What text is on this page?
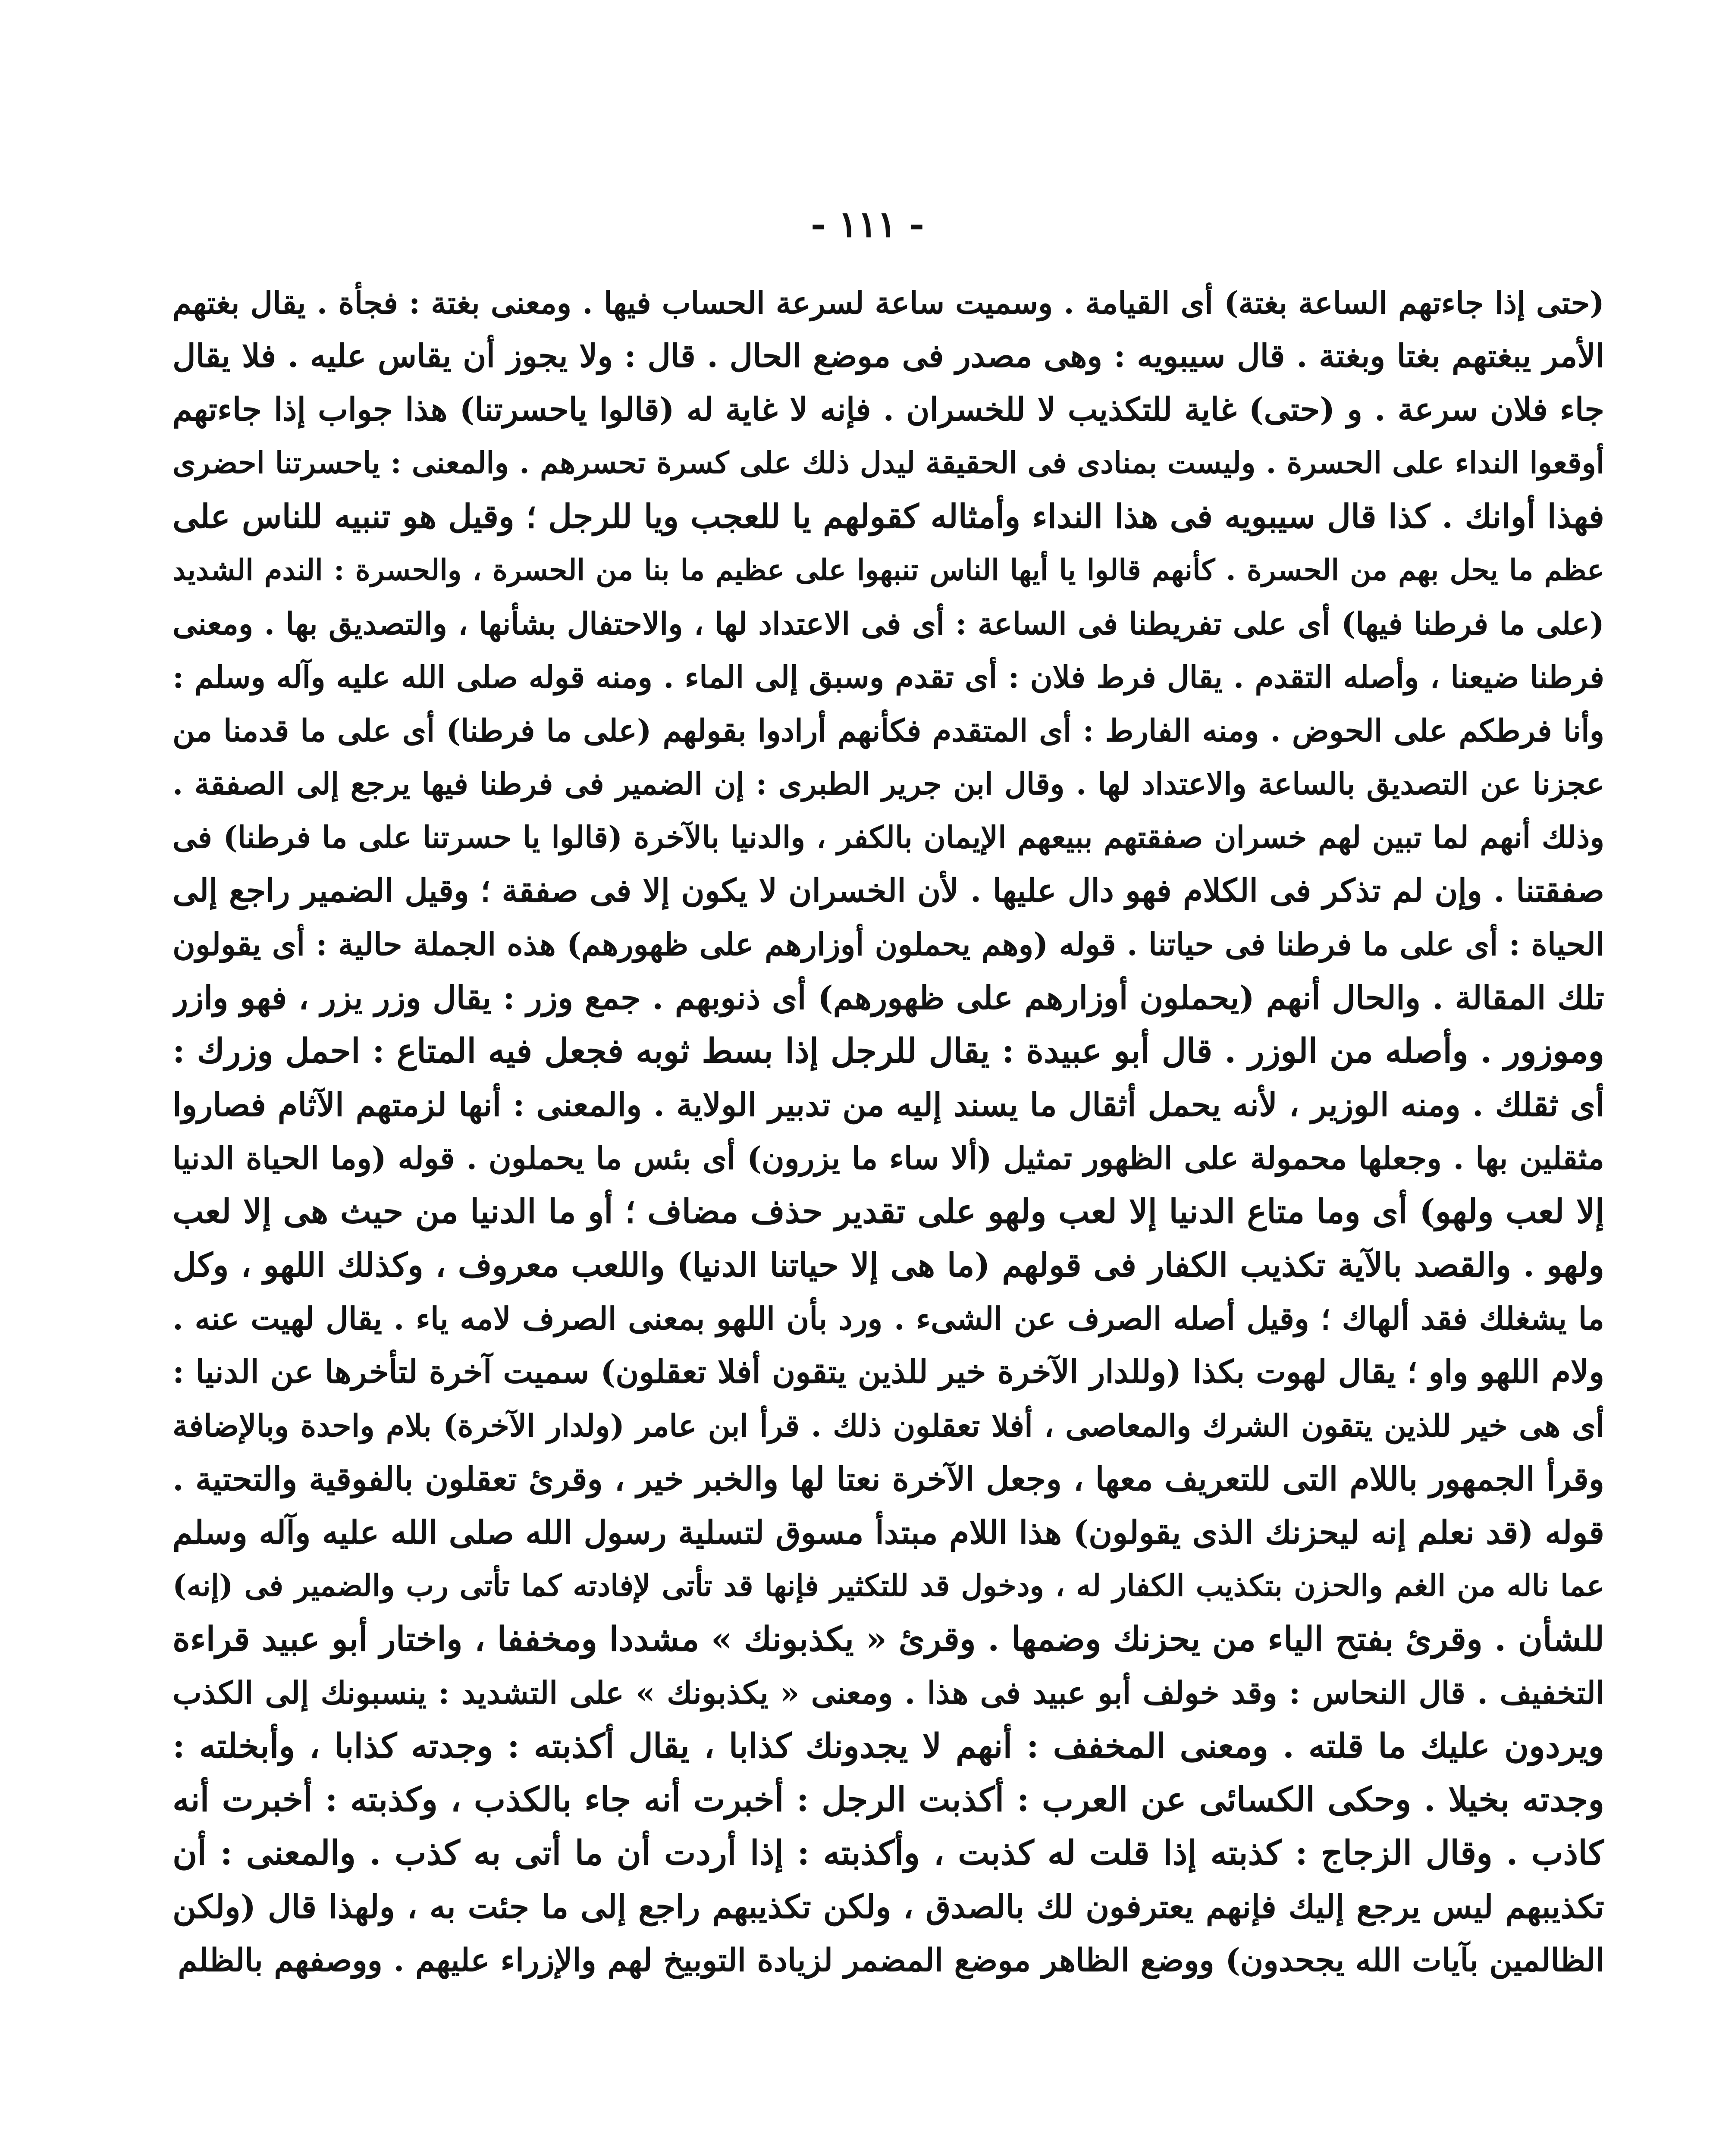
- ١١١ -
(حتى إذا جاءتهم الساعة بغتة) أى القيامة . وسميت ساعة لسرعة الحساب فيها . ومعنى بغتة : فجأة . يقال بغتهم
الأمر يبغتهم بغتا وبغتة . قال سيبويه : وهى مصدر فى موضع الحال . قال : ولا يجوز أن يقاس عليه . فلا يقال
جاء فلان سرعة . و (حتى) غاية للتكذيب لا للخسران . فإنه لا غاية له (قالوا ياحسرتنا) هذا جواب إذا جاءتهم
أوقعوا النداء على الحسرة . وليست بمنادى فى الحقيقة ليدل ذلك على كسرة تحسرهم . والمعنى : ياحسرتنا احضرى
فهذا أوانك . كذا قال سيبويه فى هذا النداء وأمثاله كقولهم يا للعجب ويا للرجل ؛ وقيل هو تنبيه للناس على
عظم ما يحل بهم من الحسرة . كأنهم قالوا يا أيها الناس تنبهوا على عظيم ما بنا من الحسرة ، والحسرة : الندم الشديد
(على ما فرطنا فيها) أى على تفريطنا فى الساعة : أى فى الاعتداد لها ، والاحتفال بشأنها ، والتصديق بها . ومعنى
فرطنا ضيعنا ، وأصله التقدم . يقال فرط فلان : أى تقدم وسبق إلى الماء . ومنه قوله صلى الله عليه وآله وسلم :
وأنا فرطكم على الحوض . ومنه الفارط : أى المتقدم فكأنهم أرادوا بقولهم (على ما فرطنا) أى على ما قدمنا من
عجزنا عن التصديق بالساعة والاعتداد لها . وقال ابن جرير الطبرى : إن الضمير فى فرطنا فيها يرجع إلى الصفقة .
وذلك أنهم لما تبين لهم خسران صفقتهم ببيعهم الإيمان بالكفر ، والدنيا بالآخرة (قالوا يا حسرتنا على ما فرطنا) فى
صفقتنا . وإن لم تذكر فى الكلام فهو دال عليها . لأن الخسران لا يكون إلا فى صفقة ؛ وقيل الضمير راجع إلى
الحياة : أى على ما فرطنا فى حياتنا . قوله (وهم يحملون أوزارهم على ظهورهم) هذه الجملة حالية : أى يقولون
تلك المقالة . والحال أنهم (يحملون أوزارهم على ظهورهم) أى ذنوبهم . جمع وزر : يقال وزر يزر ، فهو وازر
وموزور . وأصله من الوزر . قال أبو عبيدة : يقال للرجل إذا بسط ثوبه فجعل فيه المتاع : احمل وزرك :
أى ثقلك . ومنه الوزير ، لأنه يحمل أثقال ما يسند إليه من تدبير الولاية . والمعنى : أنها لزمتهم الآثام فصاروا
مثقلين بها . وجعلها محمولة على الظهور تمثيل (ألا ساء ما يزرون) أى بئس ما يحملون . قوله (وما الحياة الدنيا
إلا لعب ولهو) أى وما متاع الدنيا إلا لعب ولهو على تقدير حذف مضاف ؛ أو ما الدنيا من حيث هى إلا لعب
ولهو . والقصد بالآية تكذيب الكفار فى قولهم (ما هى إلا حياتنا الدنيا) واللعب معروف ، وكذلك اللهو ، وكل
ما يشغلك فقد ألهاك ؛ وقيل أصله الصرف عن الشىء . ورد بأن اللهو بمعنى الصرف لامه ياء . يقال لهيت عنه .
ولام اللهو واو ؛ يقال لهوت بكذا (وللدار الآخرة خير للذين يتقون أفلا تعقلون) سميت آخرة لتأخرها عن الدنيا :
أى هى خير للذين يتقون الشرك والمعاصى ، أفلا تعقلون ذلك . قرأ ابن عامر (ولدار الآخرة) بلام واحدة وبالإضافة
وقرأ الجمهور باللام التى للتعريف معها ، وجعل الآخرة نعتا لها والخبر خير ، وقرئ تعقلون بالفوقية والتحتية .
قوله (قد نعلم إنه ليحزنك الذى يقولون) هذا اللام مبتدأ مسوق لتسلية رسول الله صلى الله عليه وآله وسلم
عما ناله من الغم والحزن بتكذيب الكفار له ، ودخول قد للتكثير فإنها قد تأتى لإفادته كما تأتى رب والضمير فى (إنه)
للشأن . وقرئ بفتح الياء من يحزنك وضمها . وقرئ « يكذبونك » مشددا ومخففا ، واختار أبو عبيد قراءة
التخفيف . قال النحاس : وقد خولف أبو عبيد فى هذا . ومعنى « يكذبونك » على التشديد : ينسبونك إلى الكذب
ويردون عليك ما قلته . ومعنى المخفف : أنهم لا يجدونك كذابا ، يقال أكذبته : وجدته كذابا ، وأبخلته :
وجدته بخيلا . وحكى الكسائى عن العرب : أكذبت الرجل : أخبرت أنه جاء بالكذب ، وكذبته : أخبرت أنه
كاذب . وقال الزجاج : كذبته إذا قلت له كذبت ، وأكذبته : إذا أردت أن ما أتى به كذب . والمعنى : أن
تكذيبهم ليس يرجع إليك فإنهم يعترفون لك بالصدق ، ولكن تكذيبهم راجع إلى ما جئت به ، ولهذا قال (ولكن
الظالمين بآيات الله يجحدون) ووضع الظاهر موضع المضمر لزيادة التوبيخ لهم والإزراء عليهم . ووصفهم بالظلم
